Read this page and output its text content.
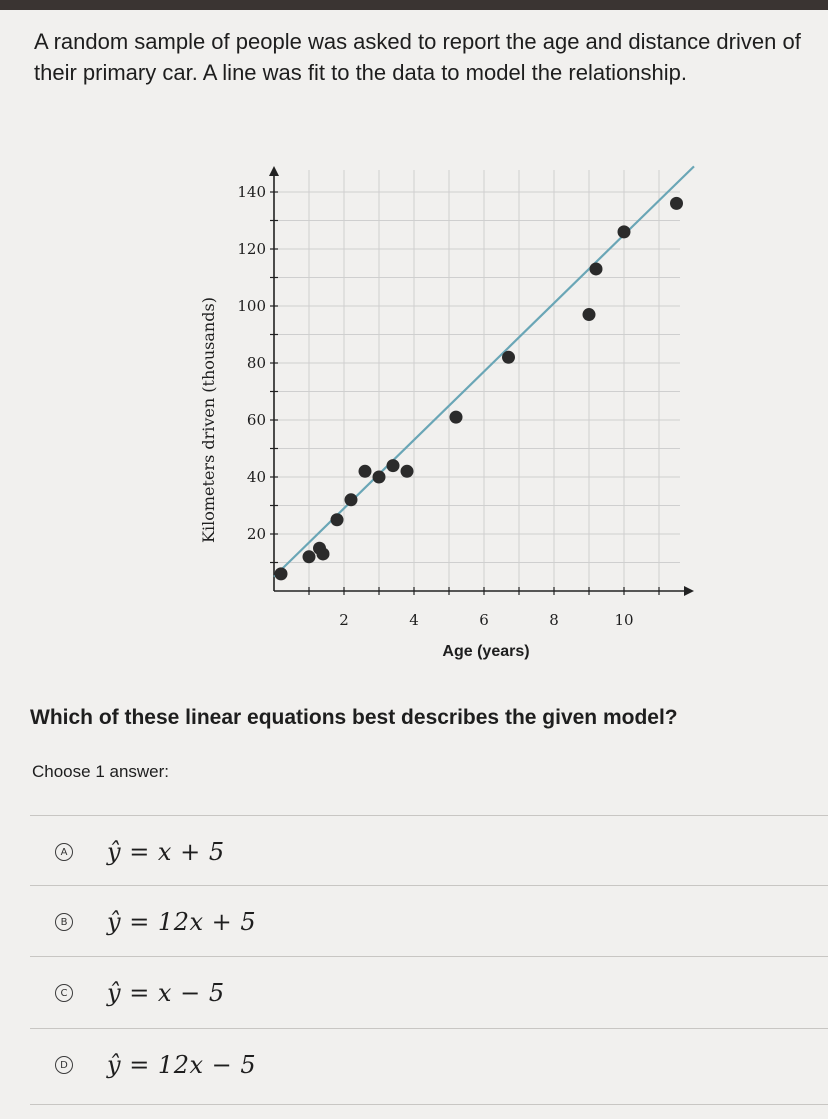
A random sample of people was asked to report the age and distance driven of their primary car. A line was fit to the data to model the relationship.
2	4	6	8	10
20
40
60
80
100
120
140
Kilometers driven (thousands)
Age (years)
Which of these linear equations best describes the given model?
Choose 1 answer:
A ŷ = x + 5
B ŷ = 12x + 5
C ŷ = x − 5
D ŷ = 12x − 5
